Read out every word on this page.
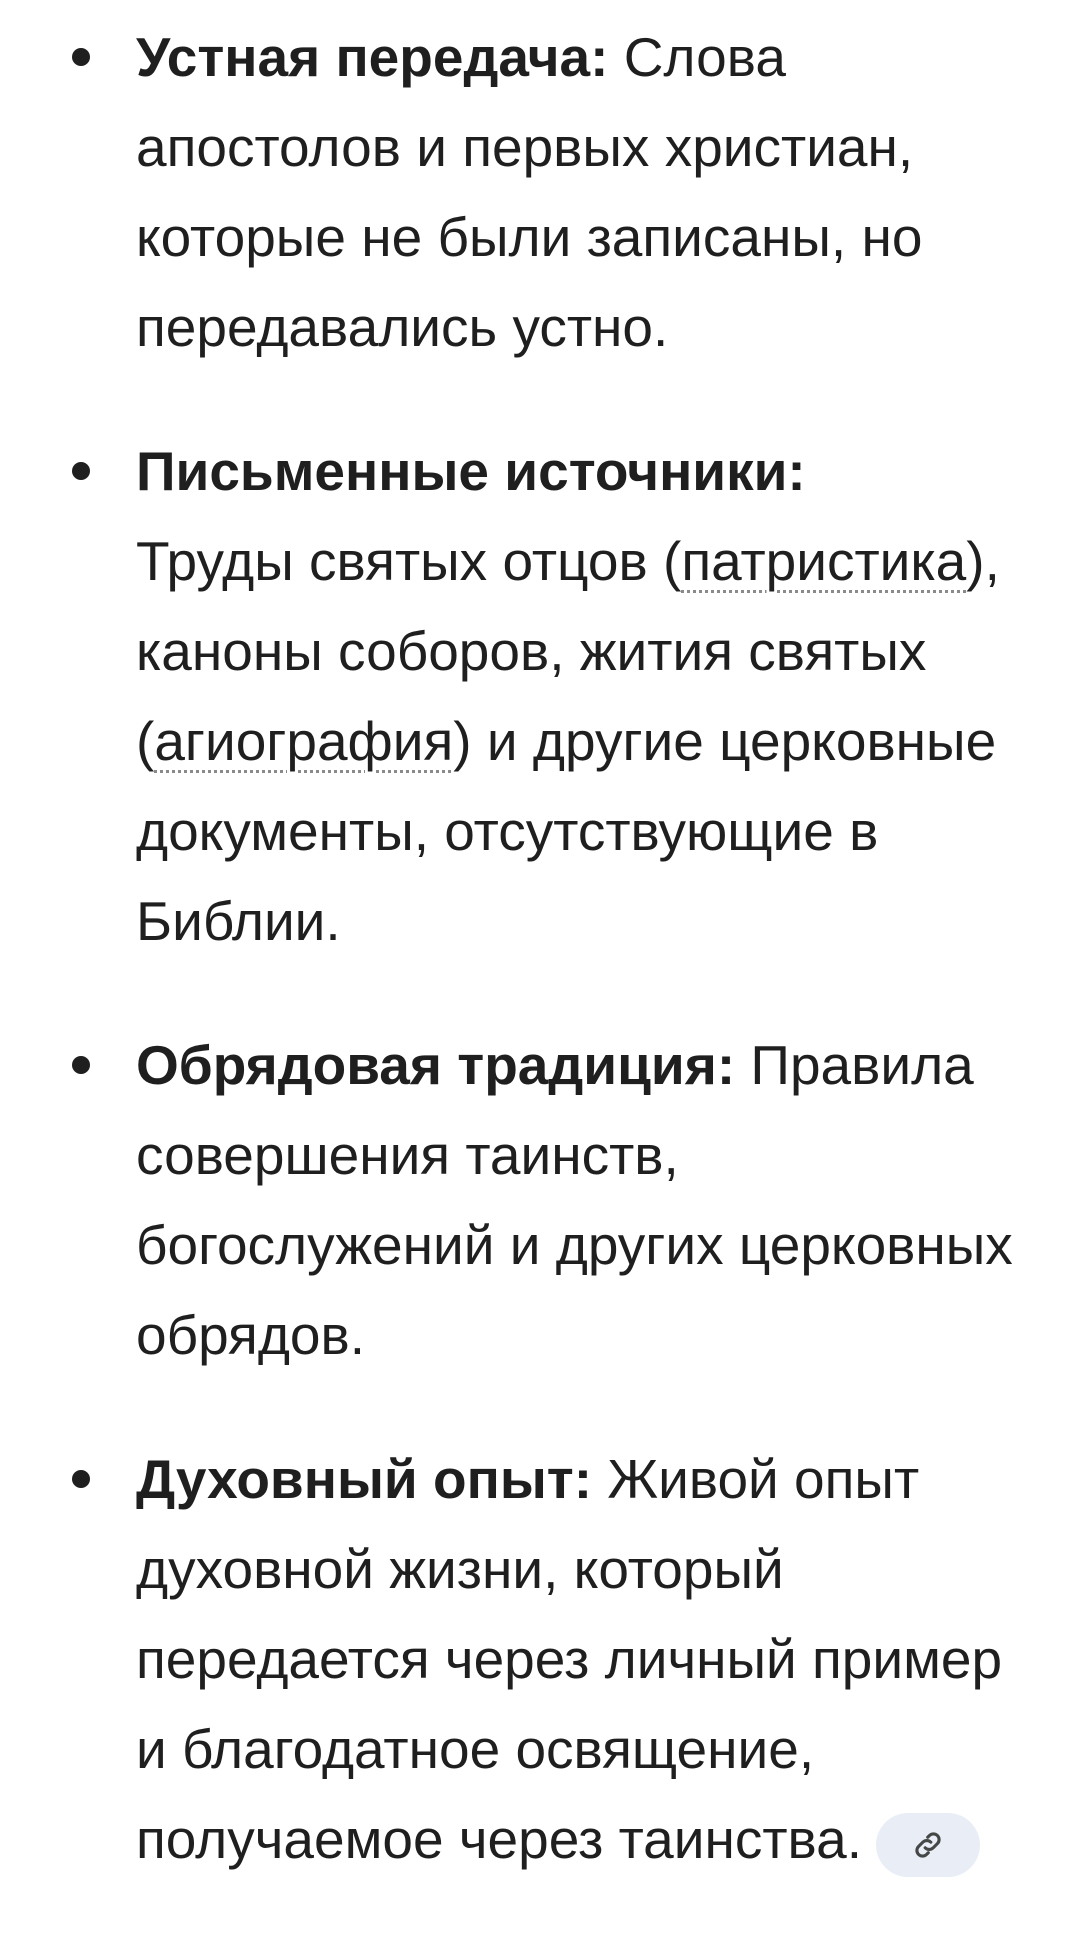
Устная передача: Слова апостолов и первых христиан, которые не были записаны, но передавались устно.
Письменные источники:
Труды святых отцов (патристика), каноны соборов, жития святых (агиография) и другие церковные документы, отсутствующие в Библии.
Обрядовая традиция: Правила совершения таинств, богослужений и других церковных обрядов.
Духовный опыт: Живой опыт духовной жизни, который передается через личный пример и благодатное освящение, получаемое через таинства.
